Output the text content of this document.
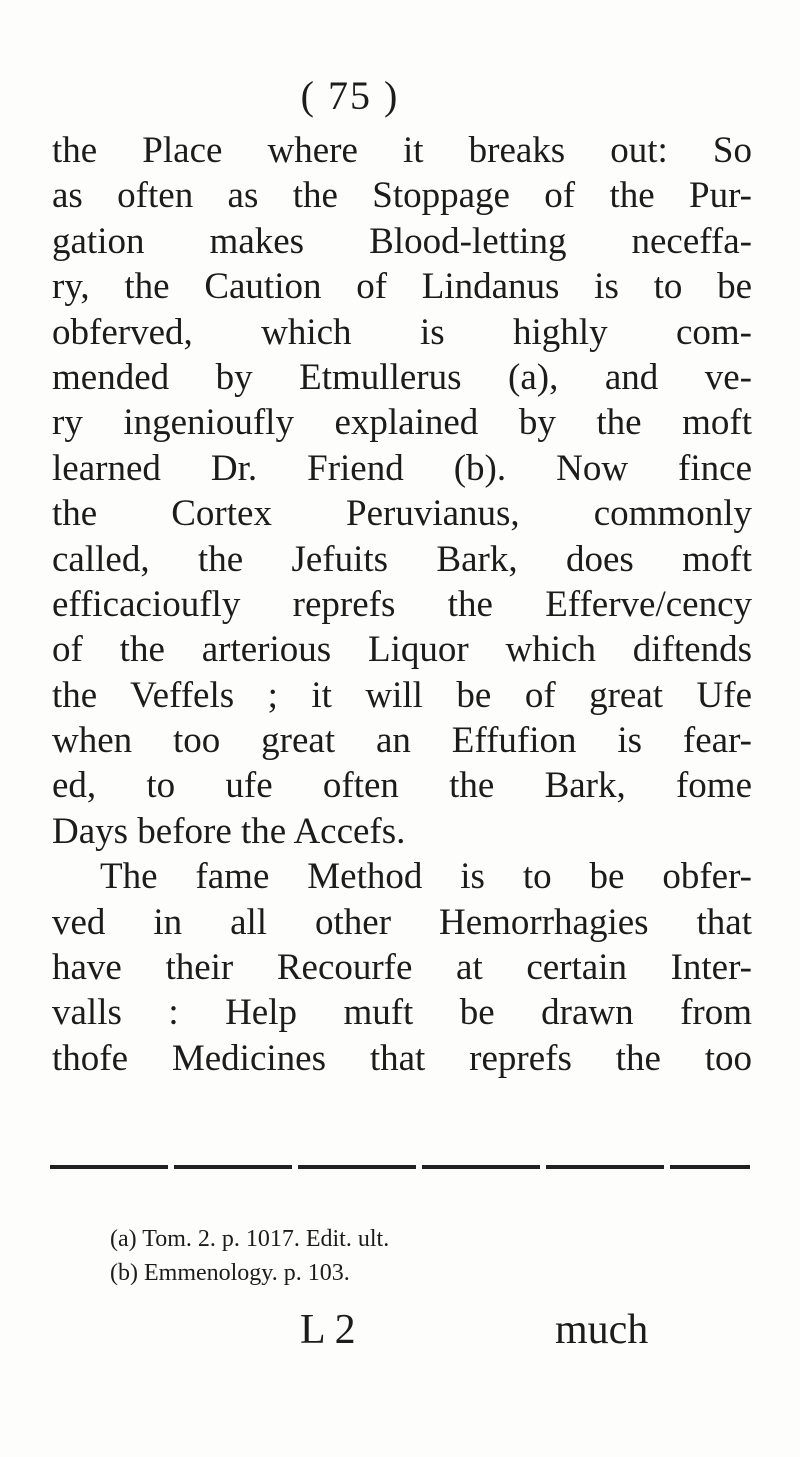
( 75 )
the Place where it breaks out: So
as often as the Stoppage of the Pur-
gation makes Blood-letting neceffa-
ry, the Caution of Lindanus is to be
obferved, which is highly com-
mended by Etmullerus (a), and ve-
ry ingenioufly explained by the moft
learned Dr. Friend (b). Now fince
the Cortex Peruvianus, commonly
called, the Jefuits Bark, does moft
efficacioufly reprefs the Efferve/cency
of the arterious Liquor which diftends
the Veffels ; it will be of great Ufe
when too great an Effufion is fear-
ed, to ufe often the Bark, fome
Days before the Accefs.
The fame Method is to be obfer-
ved in all other Hemorrhagies that
have their Recourfe at certain Inter-
valls : Help muft be drawn from
thofe Medicines that reprefs the too
(a) Tom. 2. p. 1017. Edit. ult.
(b) Emmenology. p. 103.
L 2	much
